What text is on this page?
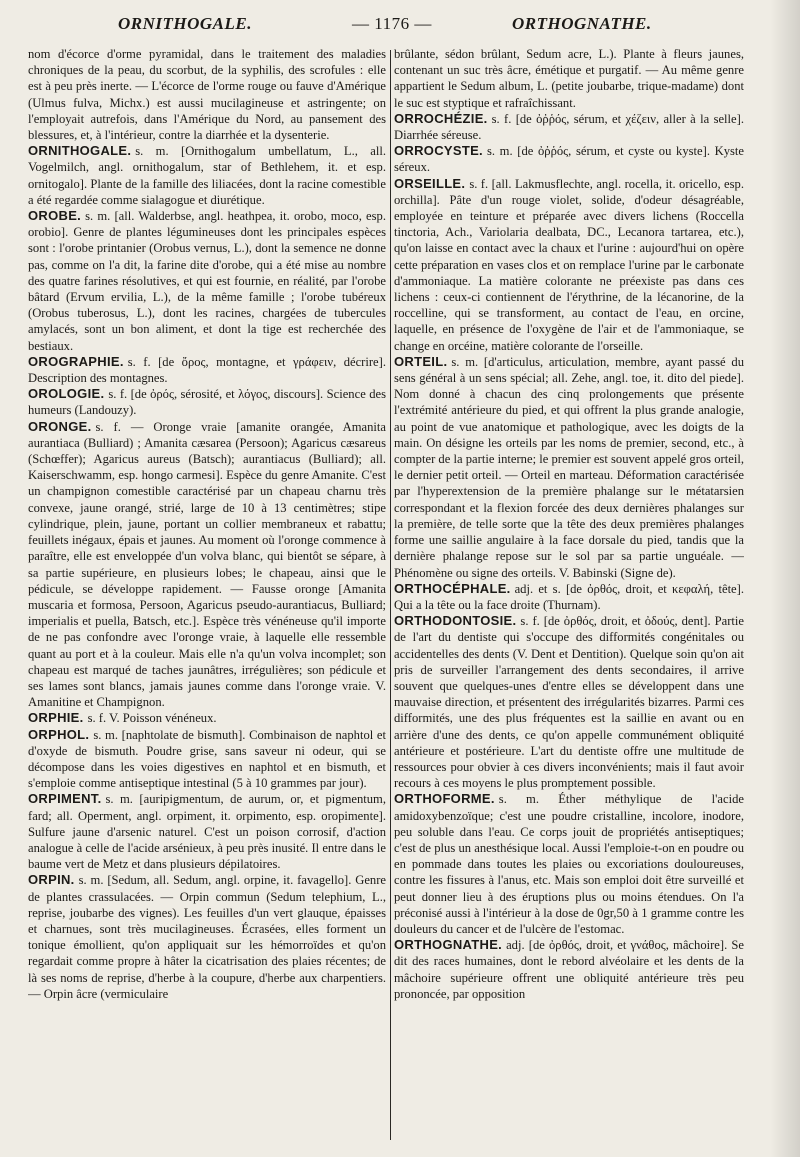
ORNITHOGALE.	— 1176 —	ORTHOGNATHE.

nom d'écorce d'orme pyramidal, dans le traitement des maladies chroniques de la peau, du scorbut, de la syphilis, des scrofules : elle est à peu près inerte. — L'écorce de l'orme rouge ou fauve d'Amérique (Ulmus fulva, Michx.) est aussi mucilagineuse et astringente; on l'employait autrefois, dans l'Amérique du Nord, au pansement des blessures, et, à l'intérieur, contre la diarrhée et la dysenterie.

ORNITHOGALE. s. m. [Ornithogalum umbellatum, L., all. Vogelmilch, angl. ornithogalum, star of Bethlehem, it. et esp. ornitogalo]. Plante de la famille des liliacées, dont la racine comestible a été regardée comme sialagogue et diurétique.

OROBE. s. m. [all. Walderbse, angl. heathpea, it. orobo, moco, esp. orobio]. Genre de plantes légumineuses dont les principales espèces sont : l'orobe printanier (Orobus vernus, L.), dont la semence ne donne pas, comme on l'a dit, la farine dite d'orobe, qui a été mise au nombre des quatre farines résolutives, et qui est fournie, en réalité, par l'orobe bâtard (Ervum ervilia, L.), de la même famille ; l'orobe tubéreux (Orobus tuberosus, L.), dont les racines, chargées de tubercules amylacés, sont un bon aliment, et dont la tige est recherchée des bestiaux.

OROGRAPHIE. s. f. [de ὄρος, montagne, et γράφειν, décrire]. Description des montagnes.

OROLOGIE. s. f. [de ὀρός, sérosité, et λόγος, discours]. Science des humeurs (Landouzy).

ORONGE. s. f. — Oronge vraie [amanite orangée, Amanita aurantiaca (Bulliard) ; Amanita cæsarea (Persoon); Agaricus cæsareus (Schœffer); Agaricus aureus (Batsch); aurantiacus (Bulliard); all. Kaiserschwamm, esp. hongo carmesi]. Espèce du genre Amanite. C'est un champignon comestible caractérisé par un chapeau charnu très convexe, jaune orangé, strié, large de 10 à 13 centimètres; stipe cylindrique, plein, jaune, portant un collier membraneux et rabattu; feuillets inégaux, épais et jaunes. Au moment où l'oronge commence à paraître, elle est enveloppée d'un volva blanc, qui bientôt se sépare, à sa partie supérieure, en plusieurs lobes; le chapeau, ainsi que le pédicule, se développe rapidement. — Fausse oronge [Amanita muscaria et formosa, Persoon, Agaricus pseudo-aurantiacus, Bulliard; imperialis et puella, Batsch, etc.]. Espèce très vénéneuse qu'il importe de ne pas confondre avec l'oronge vraie, à laquelle elle ressemble quant au port et à la couleur. Mais elle n'a qu'un volva incomplet; son chapeau est marqué de taches jaunâtres, irrégulières; son pédicule et ses lames sont blancs, jamais jaunes comme dans l'oronge vraie. V. Amanitine et Champignon.

ORPHIE. s. f. V. Poisson vénéneux.

ORPHOL. s. m. [naphtolate de bismuth]. Combinaison de naphtol et d'oxyde de bismuth. Poudre grise, sans saveur ni odeur, qui se décompose dans les voies digestives en naphtol et en bismuth, et s'emploie comme antiseptique intestinal (5 à 10 grammes par jour).

ORPIMENT. s. m. [auripigmentum, de aurum, or, et pigmentum, fard; all. Operment, angl. orpiment, it. orpimento, esp. oropimente]. Sulfure jaune d'arsenic naturel. C'est un poison corrosif, d'action analogue à celle de l'acide arsénieux, à peu près inusité. Il entre dans le baume vert de Metz et dans plusieurs dépilatoires.

ORPIN. s. m. [Sedum, all. Sedum, angl. orpine, it. favagello]. Genre de plantes crassulacées. — Orpin commun (Sedum telephium, L., reprise, joubarbe des vignes). Les feuilles d'un vert glauque, épaisses et charnues, sont très mucilagineuses. Écrasées, elles forment un tonique émollient, qu'on appliquait sur les hémorroïdes et qu'on regardait comme propre à hâter la cicatrisation des plaies récentes; de là ses noms de reprise, d'herbe à la coupure, d'herbe aux charpentiers. — Orpin âcre (vermiculaire

brûlante, sédon brûlant, Sedum acre, L.). Plante à fleurs jaunes, contenant un suc très âcre, émétique et purgatif. — Au même genre appartient le Sedum album, L. (petite joubarbe, trique-madame) dont le suc est styptique et rafraîchissant.

ORROCHÉZIE. s. f. [de ὀῤῥός, sérum, et χέζειν, aller à la selle]. Diarrhée séreuse.

ORROCYSTE. s. m. [de ὀῤῥός, sérum, et cyste ou kyste]. Kyste séreux.

ORSEILLE. s. f. [all. Lakmusflechte, angl. rocella, it. oricello, esp. orchilla]. Pâte d'un rouge violet, solide, d'odeur désagréable, employée en teinture et préparée avec divers lichens (Roccella tinctoria, Ach., Variolaria dealbata, DC., Lecanora tartarea, etc.), qu'on laisse en contact avec la chaux et l'urine : aujourd'hui on opère cette préparation en vases clos et on remplace l'urine par le carbonate d'ammoniaque. La matière colorante ne préexiste pas dans ces lichens : ceux-ci contiennent de l'érythrine, de la lécanorine, de la roccelline, qui se transforment, au contact de l'eau, en orcine, laquelle, en présence de l'oxygène de l'air et de l'ammoniaque, se change en orcéine, matière colorante de l'orseille.

ORTEIL. s. m. [d'articulus, articulation, membre, ayant passé du sens général à un sens spécial; all. Zehe, angl. toe, it. dito del piede]. Nom donné à chacun des cinq prolongements que présente l'extrémité antérieure du pied, et qui offrent la plus grande analogie, au point de vue anatomique et pathologique, avec les doigts de la main. On désigne les orteils par les noms de premier, second, etc., à compter de la partie interne; le premier est souvent appelé gros orteil, le dernier petit orteil. — Orteil en marteau. Déformation caractérisée par l'hyperextension de la première phalange sur le métatarsien correspondant et la flexion forcée des deux dernières phalanges sur la première, de telle sorte que la tête des deux premières phalanges forme une saillie angulaire à la face dorsale du pied, tandis que la dernière phalange repose sur le sol par sa partie unguéale. — Phénomène ou signe des orteils. V. Babinski (Signe de).

ORTHOCÉPHALE. adj. et s. [de ὀρθός, droit, et κεφαλή, tête]. Qui a la tête ou la face droite (Thurnam).

ORTHODONTOSIE. s. f. [de ὀρθός, droit, et ὀδούς, dent]. Partie de l'art du dentiste qui s'occupe des difformités congénitales ou accidentelles des dents (V. Dent et Dentition). Quelque soin qu'on ait pris de surveiller l'arrangement des dents secondaires, il arrive souvent que quelques-unes d'entre elles se développent dans une mauvaise direction, et présentent des irrégularités bizarres. Parmi ces difformités, une des plus fréquentes est la saillie en avant ou en arrière d'une des dents, ce qu'on appelle communément obliquité antérieure et postérieure. L'art du dentiste offre une multitude de ressources pour obvier à ces divers inconvénients; mais il faut avoir recours à ces moyens le plus promptement possible.

ORTHOFORME. s. m. Éther méthylique de l'acide amidoxybenzoïque; c'est une poudre cristalline, incolore, inodore, peu soluble dans l'eau. Ce corps jouit de propriétés antiseptiques; c'est de plus un anesthésique local. Aussi l'emploie-t-on en poudre ou en pommade dans toutes les plaies ou excoriations douloureuses, contre les fissures à l'anus, etc. Mais son emploi doit être surveillé et peut donner lieu à des éruptions plus ou moins étendues. On l'a préconisé aussi à l'intérieur à la dose de 0gr,50 à 1 gramme contre les douleurs du cancer et de l'ulcère de l'estomac.

ORTHOGNATHE. adj. [de ὀρθός, droit, et γνάθος, mâchoire]. Se dit des races humaines, dont le rebord alvéolaire et les dents de la mâchoire supérieure offrent une obliquité antérieure très peu prononcée, par opposition
